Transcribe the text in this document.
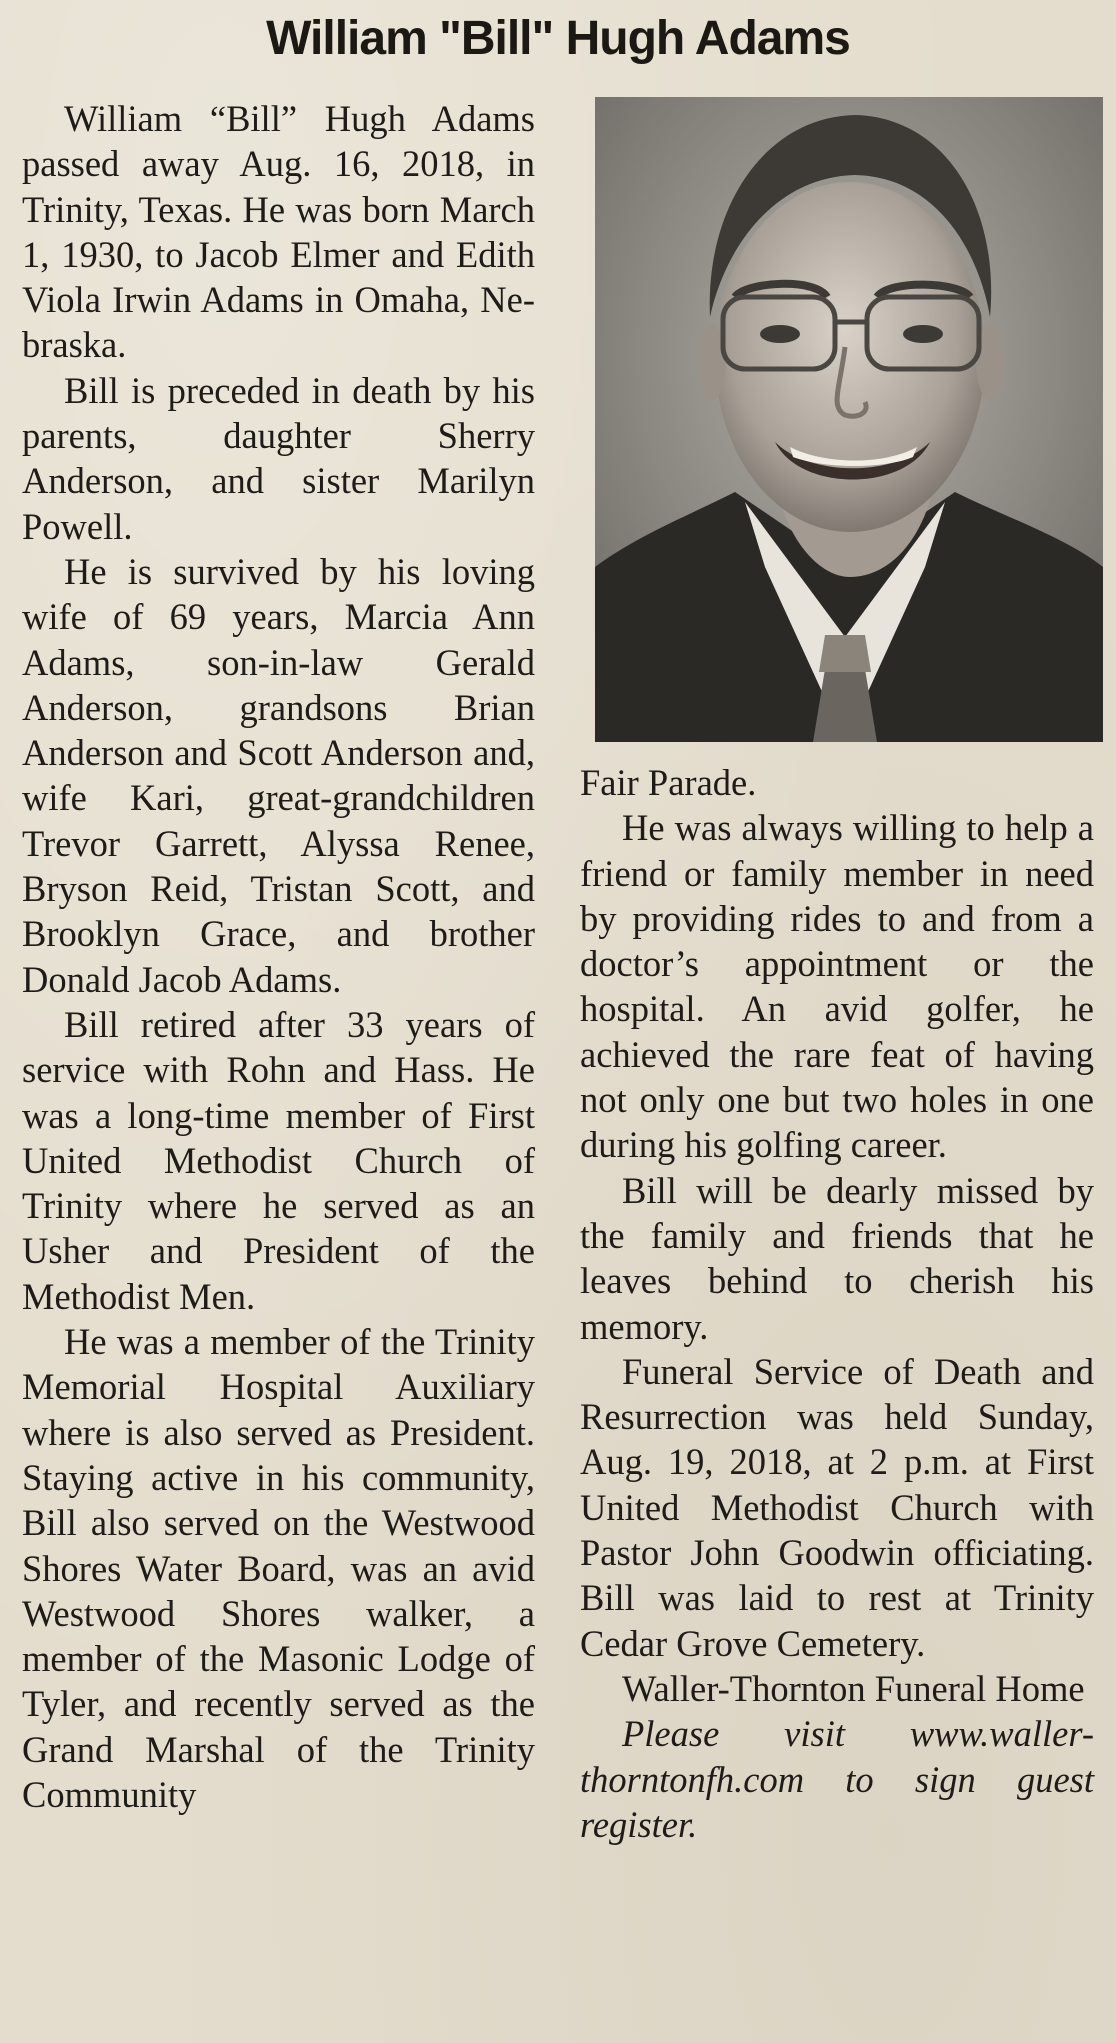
William "Bill" Hugh Adams

William “Bill” Hugh Adams passed away Aug. 16, 2018, in Trinity, Texas. He was born March 1, 1930, to Jacob Elmer and Edith Viola Irwin Adams in Omaha, Nebraska.

Bill is preceded in death by his parents, daughter Sherry Anderson, and sister Marilyn Powell.

He is survived by his loving wife of 69 years, Marcia Ann Adams, son-in-law Gerald Anderson, grandsons Brian Anderson and Scott Anderson and, wife Kari, great-grandchildren Trevor Garrett, Alyssa Renee, Bryson Reid, Tristan Scott, and Brooklyn Grace, and brother Donald Jacob Adams.

Bill retired after 33 years of service with Rohn and Hass. He was a long-time member of First United Methodist Church of Trinity where he served as an Usher and President of the Methodist Men.

He was a member of the Trinity Memorial Hospital Auxiliary where is also served as President. Staying active in his community, Bill also served on the Westwood Shores Water Board, was an avid Westwood Shores walker, a member of the Masonic Lodge of Tyler, and recently served as the Grand Marshal of the Trinity Community

Fair Parade.

He was always willing to help a friend or family member in need by providing rides to and from a doctor’s appointment or the hospital. An avid golfer, he achieved the rare feat of having not only one but two holes in one during his golfing career.

Bill will be dearly missed by the family and friends that he leaves behind to cherish his memory.

Funeral Service of Death and Resurrection was held Sunday, Aug. 19, 2018, at 2 p.m. at First United Methodist Church with Pastor John Goodwin officiating. Bill was laid to rest at Trinity Cedar Grove Cemetery.

Waller-Thornton Funeral Home

Please visit www.waller-thorntonfh.com to sign guest register.
